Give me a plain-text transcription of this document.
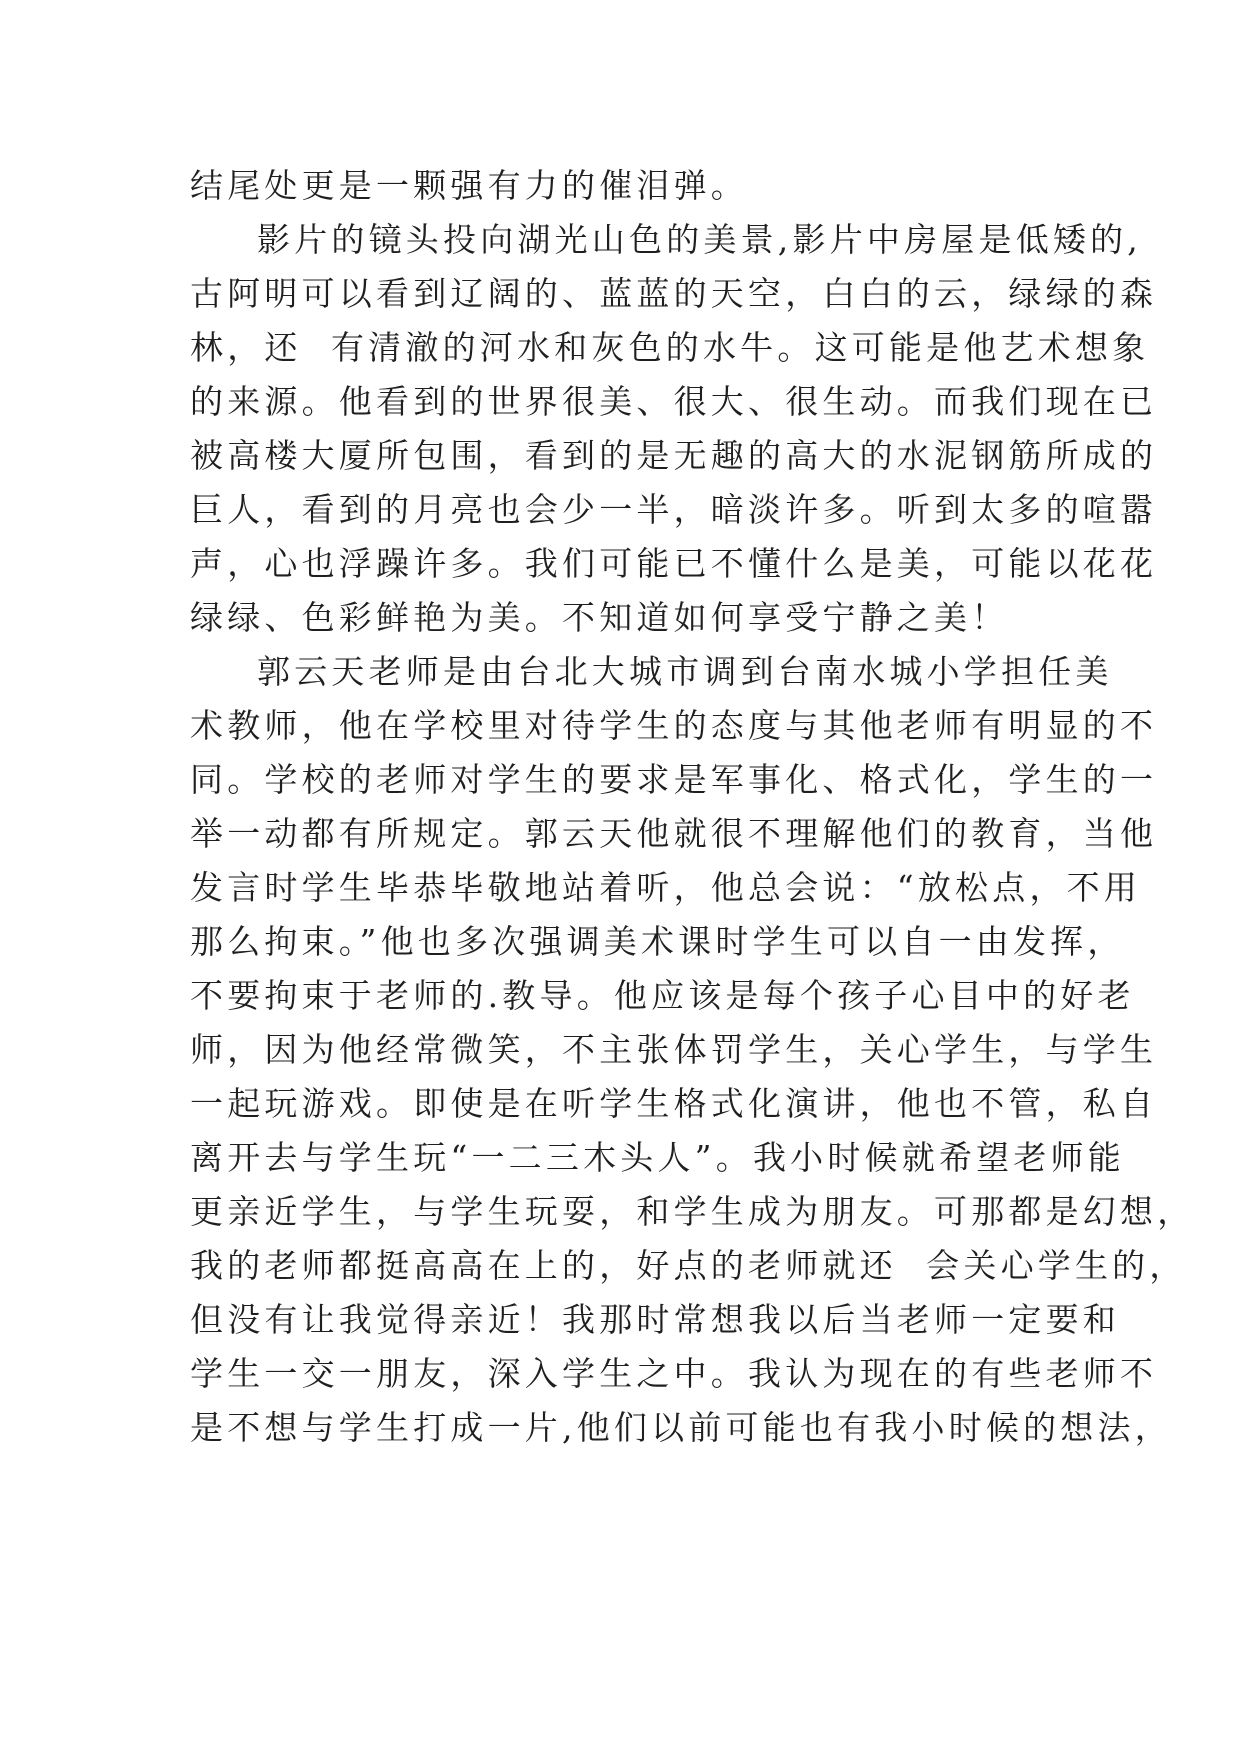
结尾处更是一颗强有力的催泪弹。
影片的镜头投向湖光山色的美景,影片中房屋是低矮的,
古阿明可以看到辽阔的、蓝蓝的天空，白白的云，绿绿的森
林，还  有清澈的河水和灰色的水牛。这可能是他艺术想象
的来源。他看到的世界很美、很大、很生动。而我们现在已
被高楼大厦所包围，看到的是无趣的高大的水泥钢筋所成的
巨人，看到的月亮也会少一半，暗淡许多。听到太多的喧嚣
声，心也浮躁许多。我们可能已不懂什么是美，可能以花花
绿绿、色彩鲜艳为美。不知道如何享受宁静之美！
郭云天老师是由台北大城市调到台南水城小学担任美
术教师，他在学校里对待学生的态度与其他老师有明显的不
同。学校的老师对学生的要求是军事化、格式化，学生的一
举一动都有所规定。郭云天他就很不理解他们的教育，当他
发言时学生毕恭毕敬地站着听，他总会说：“放松点，不用
那么拘束。”他也多次强调美术课时学生可以自一由发挥，
不要拘束于老师的.教导。他应该是每个孩子心目中的好老
师，因为他经常微笑，不主张体罚学生，关心学生，与学生
一起玩游戏。即使是在听学生格式化演讲，他也不管，私自
离开去与学生玩“一二三木头人”。我小时候就希望老师能
更亲近学生，与学生玩耍，和学生成为朋友。可那都是幻想，
我的老师都挺高高在上的，好点的老师就还  会关心学生的，
但没有让我觉得亲近！我那时常想我以后当老师一定要和
学生一交一朋友，深入学生之中。我认为现在的有些老师不
是不想与学生打成一片,他们以前可能也有我小时候的想法，
